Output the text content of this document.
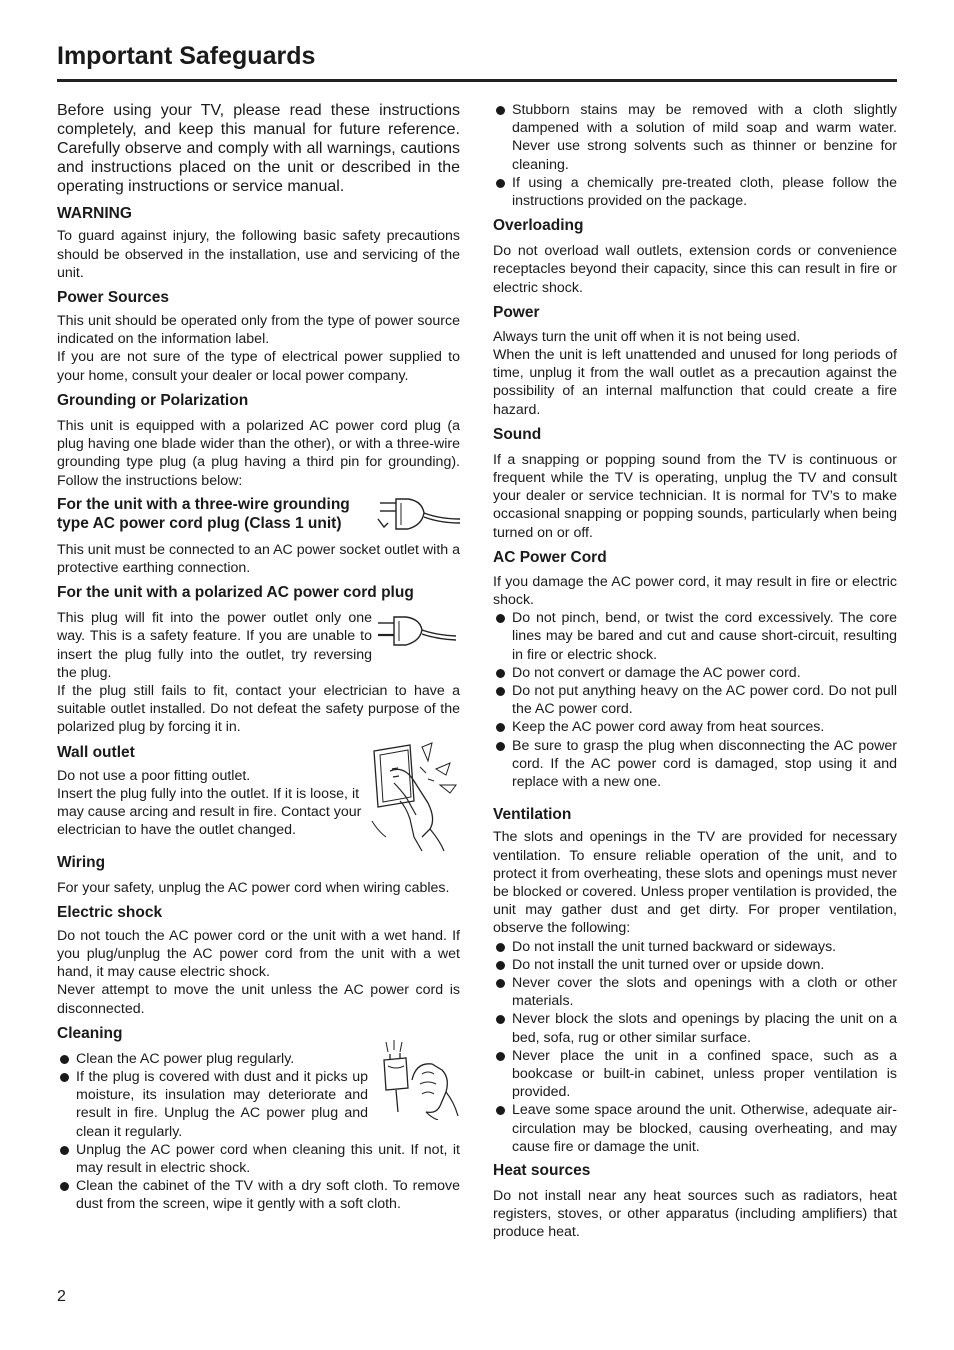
Important Safeguards

Before using your TV, please read these instructions completely, and keep this manual for future reference. Carefully observe and comply with all warnings, cautions and instructions placed on the unit or described in the operating instructions or service manual.

WARNING

To guard against injury, the following basic safety precautions should be observed in the installation, use and servicing of the unit.

Power Sources

This unit should be operated only from the type of power source indicated on the information label.

If you are not sure of the type of electrical power supplied to your home, consult your dealer or local power company.

Grounding or Polarization

This unit is equipped with a polarized AC power cord plug (a plug having one blade wider than the other), or with a three-wire grounding type plug (a plug having a third pin for grounding). Follow the instructions below:

For the unit with a three-wire grounding type AC power cord plug (Class 1 unit)

This unit must be connected to an AC power socket outlet with a protective earthing connection.

For the unit with a polarized AC power cord plug

This plug will fit into the power outlet only one way. This is a safety feature. If you are unable to insert the plug fully into the outlet, try reversing the plug.

If the plug still fails to fit, contact your electrician to have a suitable outlet installed. Do not defeat the safety purpose of the polarized plug by forcing it in.

Wall outlet

Do not use a poor fitting outlet.

Insert the plug fully into the outlet. If it is loose, it may cause arcing and result in fire. Contact your electrician to have the outlet changed.

Wiring

For your safety, unplug the AC power cord when wiring cables.

Electric shock

Do not touch the AC power cord or the unit with a wet hand. If you plug/unplug the AC power cord from the unit with a wet hand, it may cause electric shock.

Never attempt to move the unit unless the AC power cord is disconnected.

Cleaning
Clean the AC power plug regularly.
If the plug is covered with dust and it picks up moisture, its insulation may deteriorate and result in fire. Unplug the AC power plug and clean it regularly.
Unplug the AC power cord when cleaning this unit. If not, it may result in electric shock.
Clean the cabinet of the TV with a dry soft cloth. To remove dust from the screen, wipe it gently with a soft cloth.
Stubborn stains may be removed with a cloth slightly dampened with a solution of mild soap and warm water. Never use strong solvents such as thinner or benzine for cleaning.
If using a chemically pre-treated cloth, please follow the instructions provided on the package.
Overloading

Do not overload wall outlets, extension cords or convenience receptacles beyond their capacity, since this can result in fire or electric shock.

Power

Always turn the unit off when it is not being used.

When the unit is left unattended and unused for long periods of time, unplug it from the wall outlet as a precaution against the possibility of an internal malfunction that could create a fire hazard.

Sound

If a snapping or popping sound from the TV is continuous or frequent while the TV is operating, unplug the TV and consult your dealer or service technician. It is normal for TV’s to make occasional snapping or popping sounds, particularly when being turned on or off.

AC Power Cord

If you damage the AC power cord, it may result in fire or electric shock.

Do not pinch, bend, or twist the cord excessively. The core lines may be bared and cut and cause short-circuit, resulting in fire or electric shock.
Do not convert or damage the AC power cord.
Do not put anything heavy on the AC power cord. Do not pull the AC power cord.
Keep the AC power cord away from heat sources.
Be sure to grasp the plug when disconnecting the AC power cord. If the AC power cord is damaged, stop using it and replace with a new one.
Ventilation

The slots and openings in the TV are provided for necessary ventilation. To ensure reliable operation of the unit, and to protect it from overheating, these slots and openings must never be blocked or covered. Unless proper ventilation is provided, the unit may gather dust and get dirty. For proper ventilation, observe the following:

Do not install the unit turned backward or sideways.
Do not install the unit turned over or upside down.
Never cover the slots and openings with a cloth or other materials.
Never block the slots and openings by placing the unit on a bed, sofa, rug or other similar surface.
Never place the unit in a confined space, such as a bookcase or built-in cabinet, unless proper ventilation is provided.
Leave some space around the unit. Otherwise, adequate air-circulation may be blocked, causing overheating, and may cause fire or damage the unit.
Heat sources

Do not install near any heat sources such as radiators, heat registers, stoves, or other apparatus (including amplifiers) that produce heat.

2
